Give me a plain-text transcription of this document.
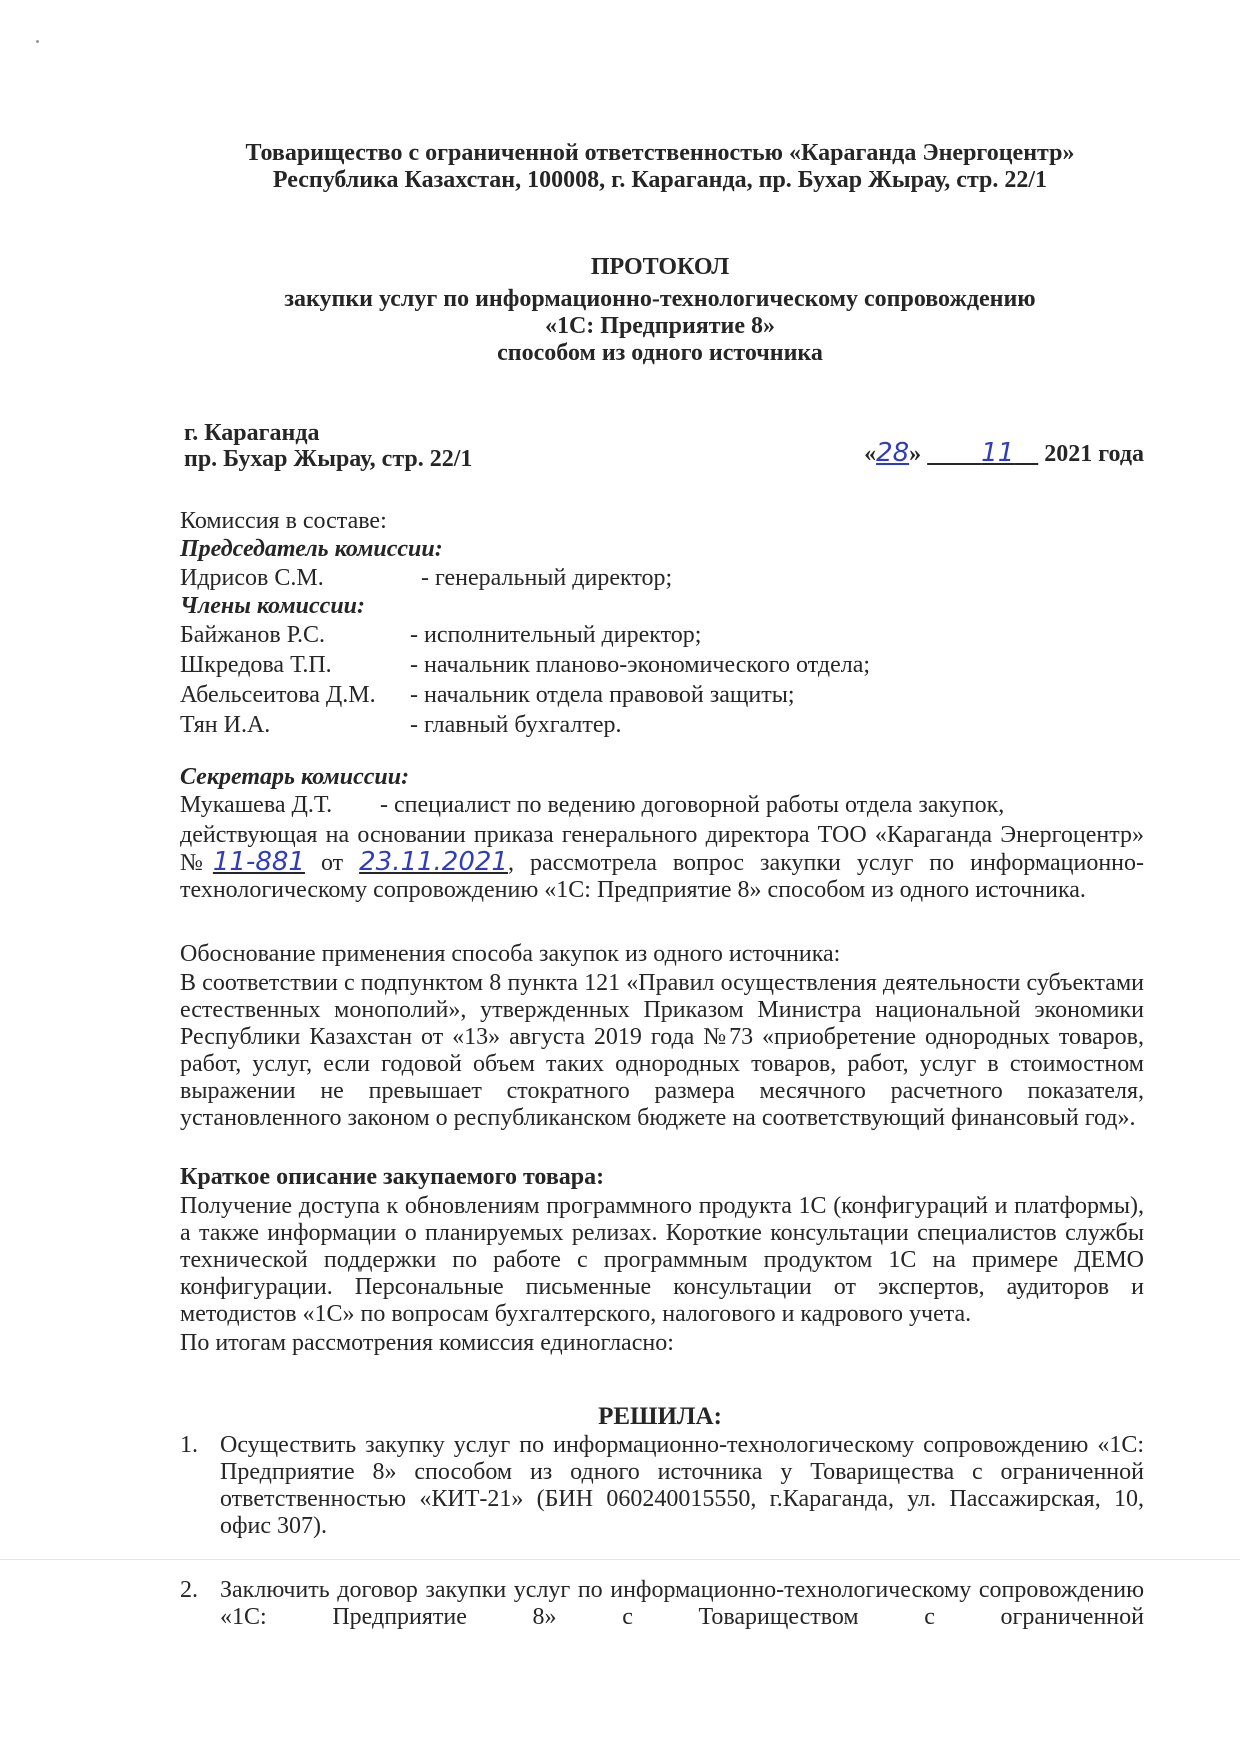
Товарищество с ограниченной ответственностью «Караганда Энергоцентр»
Республика Казахстан, 100008, г. Караганда, пр. Бухар Жырау, стр. 22/1
ПРОТОКОЛ
закупки услуг по информационно-технологическому сопровождению
«1С: Предприятие 8»
способом из одного источника
г. Караганда
пр. Бухар Жырау, стр. 22/1	«28» 11 2021 года
Комиссия в составе:
Председатель комиссии:
Идрисов С.М.	- генеральный директор;
Члены комиссии:
Байжанов Р.С.	- исполнительный директор;
Шкредова Т.П.	- начальник планово-экономического отдела;
Абельсеитова Д.М. - начальник отдела правовой защиты;
Тян И.А.	- главный бухгалтер.
Секретарь комиссии:
Мукашева Д.Т. - специалист по ведению договорной работы отдела закупок,
действующая на основании приказа генерального директора ТОО «Караганда Энергоцентр» №11-881 от 23.11.2021, рассмотрела вопрос закупки услуг по информационно-технологическому сопровождению «1С: Предприятие 8» способом из одного источника.
Обоснование применения способа закупок из одного источника:
В соответствии с подпунктом 8 пункта 121 «Правил осуществления деятельности субъектами естественных монополий», утвержденных Приказом Министра национальной экономики Республики Казахстан от «13» августа 2019 года №73 «приобретение однородных товаров, работ, услуг, если годовой объем таких однородных товаров, работ, услуг в стоимостном выражении не превышает стократного размера месячного расчетного показателя, установленного законом о республиканском бюджете на соответствующий финансовый год».
Краткое описание закупаемого товара:
Получение доступа к обновлениям программного продукта 1С (конфигураций и платформы), а также информации о планируемых релизах. Короткие консультации специалистов службы технической поддержки по работе с программным продуктом 1С на примере ДЕМО конфигурации. Персональные письменные консультации от экспертов, аудиторов и методистов «1С» по вопросам бухгалтерского, налогового и кадрового учета.
По итогам рассмотрения комиссия единогласно:
РЕШИЛА:
1. Осуществить закупку услуг по информационно-технологическому сопровождению «1С: Предприятие 8» способом из одного источника у Товарищества с ограниченной ответственностью «КИТ-21» (БИН 060240015550, г.Караганда, ул. Пассажирская, 10, офис 307).
2. Заключить договор закупки услуг по информационно-технологическому сопровождению «1С: Предприятие 8» с Товариществом с ограниченной
